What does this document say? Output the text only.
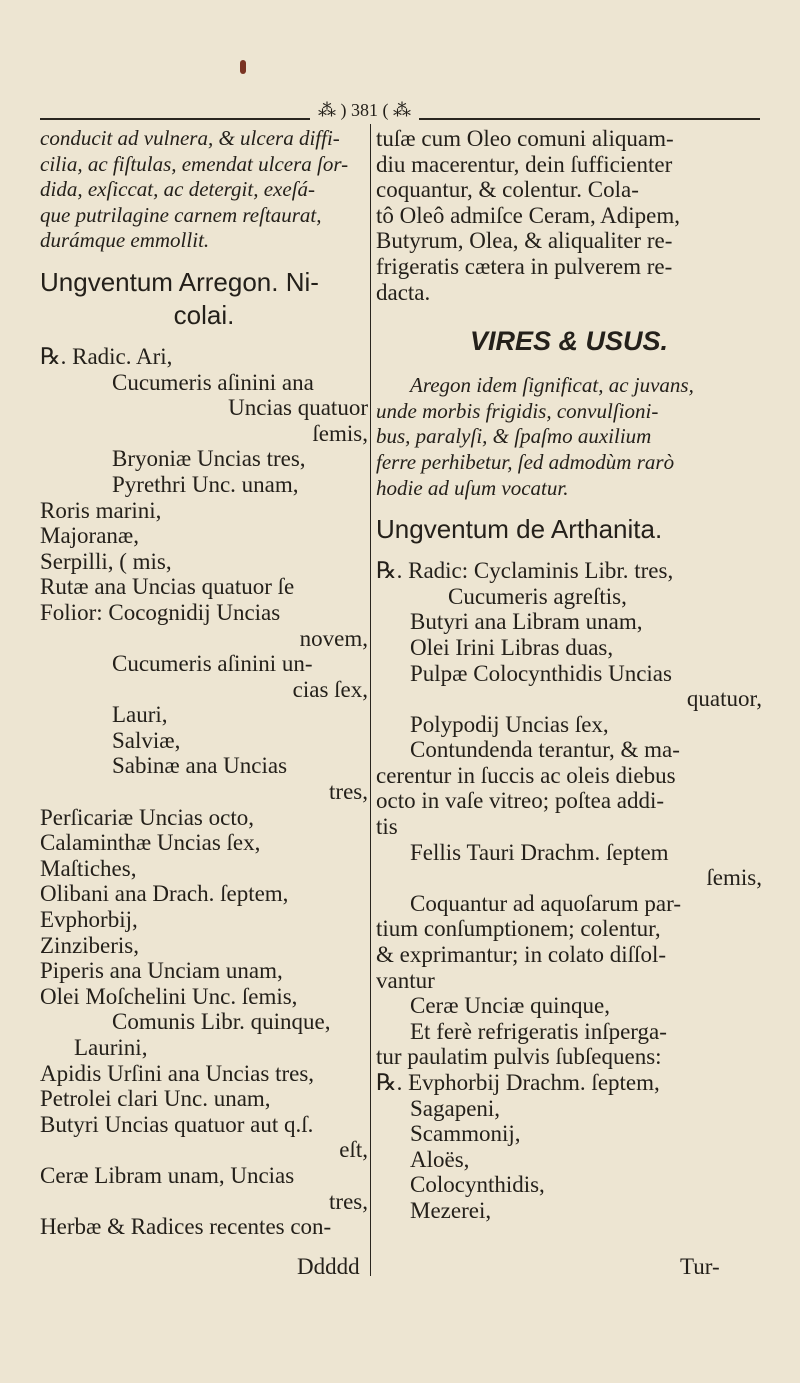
⁂ ) 381 ( ⁂
conducit ad vulnera, & ulcera diffi-
cilia, ac fiſtulas, emendat ulcera ſor-
dida, exſiccat, ac detergit, exeſá-
que putrilagine carnem reſtaurat,
durámque emmollit.
Ungventum Arregon. Ni-
colai.
℞. Radic. Ari,
Cucumeris aſinini ana
Uncias quatuor
ſemis,
Bryoniæ Uncias tres,
Pyrethri Unc. unam,
Roris marini,
Majoranæ,
Serpilli, ( mis,
Rutæ ana Uncias quatuor ſe
Folior: Cocognidij Uncias
novem,
Cucumeris aſinini un-
cias ſex,
Lauri,
Salviæ,
Sabinæ ana Uncias
tres,
Perſicariæ Uncias octo,
Calaminthæ Uncias ſex,
Maſtiches,
Olibani ana Drach. ſeptem,
Evphorbij,
Zinziberis,
Piperis ana Unciam unam,
Olei Moſchelini Unc. ſemis,
Comunis Libr. quinque,
Laurini,
Apidis Urſini ana Uncias tres,
Petrolei clari Unc. unam,
Butyri Uncias quatuor aut q.ſ.
eſt,
Ceræ Libram unam, Uncias
tres,
Herbæ & Radices recentes con-
tuſæ cum Oleo comuni aliquam-
diu macerentur, dein ſufficienter
coquantur, & colentur. Cola-
tô Oleô admiſce Ceram, Adipem,
Butyrum, Olea, & aliqualiter re-
frigeratis cætera in pulverem re-
dacta.
VIRES & USUS.
Aregon idem ſignificat, ac juvans,
unde morbis frigidis, convulſioni-
bus, paralyſi, & ſpaſmo auxilium
ferre perhibetur, ſed admodùm rarò
hodie ad uſum vocatur.
Ungventum de Arthanita.
℞. Radic: Cyclaminis Libr. tres,
Cucumeris agreſtis,
Butyri ana Libram unam,
Olei Irini Libras duas,
Pulpæ Colocynthidis Uncias
quatuor,
Polypodij Uncias ſex,
Contundenda terantur, & ma-
cerentur in ſuccis ac oleis diebus
octo in vaſe vitreo; poſtea addi-
tis
Fellis Tauri Drachm. ſeptem
ſemis,
Coquantur ad aquoſarum par-
tium conſumptionem; colentur,
& exprimantur; in colato diſſol-
vantur
Ceræ Unciæ quinque,
Et ferè refrigeratis inſperga-
tur paulatim pulvis ſubſequens:
℞. Evphorbij Drachm. ſeptem,
Sagapeni,
Scammonij,
Aloës,
Colocynthidis,
Mezerei,
Ddddd	Tur-
